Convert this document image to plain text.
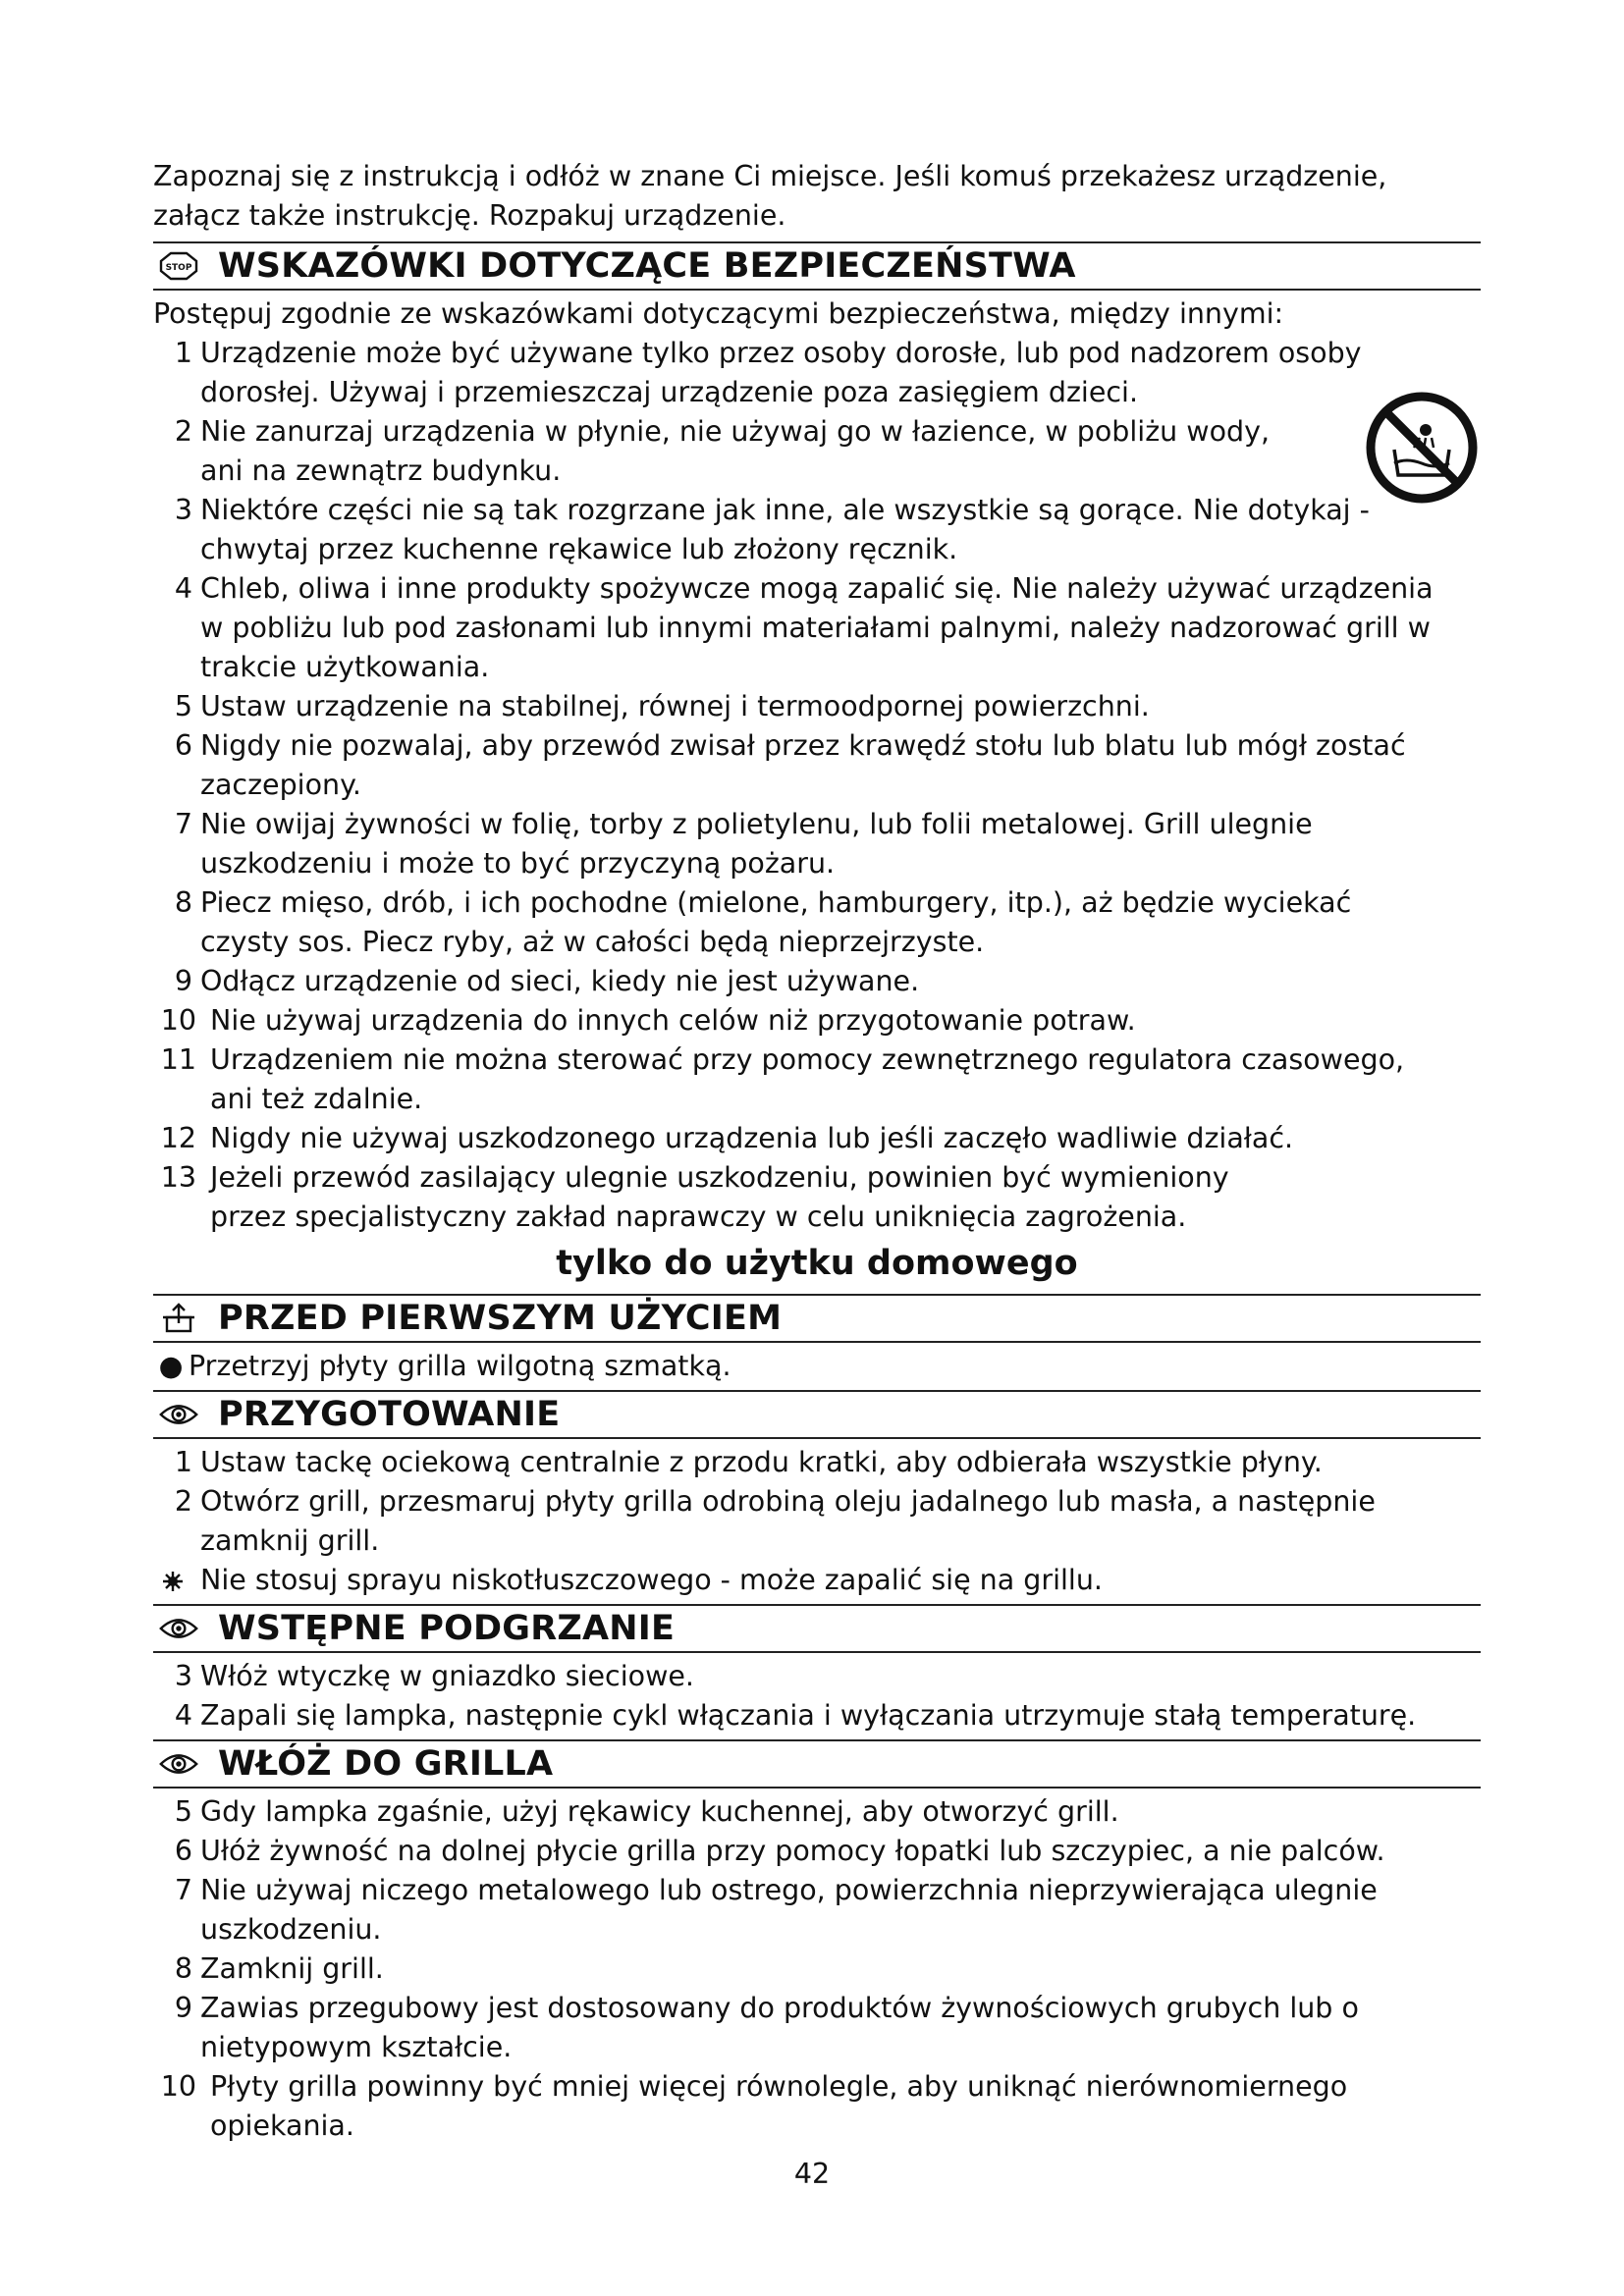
Zapoznaj się z instrukcją i odłóż w znane Ci miejsce. Jeśli komuś przekażesz urządzenie, załącz także instrukcję. Rozpakuj urządzenie.

STOP WSKAZÓWKI DOTYCZĄCE BEZPIECZEŃSTWA

Postępuj zgodnie ze wskazówkami dotyczącymi bezpieczeństwa, między innymi:

1 Urządzenie może być używane tylko przez osoby dorosłe, lub pod nadzorem osoby dorosłej. Używaj i przemieszczaj urządzenie poza zasięgiem dzieci.
2 Nie zanurzaj urządzenia w płynie, nie używaj go w łazience, w pobliżu wody, ani na zewnątrz budynku.
3 Niektóre części nie są tak rozgrzane jak inne, ale wszystkie są gorące. Nie dotykaj - chwytaj przez kuchenne rękawice lub złożony ręcznik.
4 Chleb, oliwa i inne produkty spożywcze mogą zapalić się. Nie należy używać urządzenia w pobliżu lub pod zasłonami lub innymi materiałami palnymi, należy nadzorować grill w trakcie użytkowania.
5 Ustaw urządzenie na stabilnej, równej i termoodpornej powierzchni.
6 Nigdy nie pozwalaj, aby przewód zwisał przez krawędź stołu lub blatu lub mógł zostać zaczepiony.
7 Nie owijaj żywności w folię, torby z polietylenu, lub folii metalowej. Grill ulegnie uszkodzeniu i może to być przyczyną pożaru.
8 Piecz mięso, drób, i ich pochodne (mielone, hamburgery, itp.), aż będzie wyciekać czysty sos. Piecz ryby, aż w całości będą nieprzejrzyste.
9 Odłącz urządzenie od sieci, kiedy nie jest używane.
10 Nie używaj urządzenia do innych celów niż przygotowanie potraw.
11 Urządzeniem nie można sterować przy pomocy zewnętrznego regulatora czasowego, ani też zdalnie.
12 Nigdy nie używaj uszkodzonego urządzenia lub jeśli zaczęło wadliwie działać.
13 Jeżeli przewód zasilający ulegnie uszkodzeniu, powinien być wymieniony przez specjalistyczny zakład naprawczy w celu uniknięcia zagrożenia.

tylko do użytku domowego

PRZED PIERWSZYM UŻYCIEM
● Przetrzyj płyty grilla wilgotną szmatką.
PRZYGOTOWANIE
1 Ustaw tackę ociekową centralnie z przodu kratki, aby odbierała wszystkie płyny.
2 Otwórz grill, przesmaruj płyty grilla odrobiną oleju jadalnego lub masła, a następnie zamknij grill.
Nie stosuj sprayu niskotłuszczowego - może zapalić się na grillu.
WSTĘPNE PODGRZANIE
3 Włóż wtyczkę w gniazdko sieciowe.
4 Zapali się lampka, następnie cykl włączania i wyłączania utrzymuje stałą temperaturę.
WŁÓŻ DO GRILLA
5 Gdy lampka zgaśnie, użyj rękawicy kuchennej, aby otworzyć grill.
6 Ułóż żywność na dolnej płycie grilla przy pomocy łopatki lub szczypiec, a nie palców.
7 Nie używaj niczego metalowego lub ostrego, powierzchnia nieprzywierająca ulegnie uszkodzeniu.
8 Zamknij grill.
9 Zawias przegubowy jest dostosowany do produktów żywnościowych grubych lub o nietypowym kształcie.
10 Płyty grilla powinny być mniej więcej równolegle, aby uniknąć nierównomiernego opiekania.
42
